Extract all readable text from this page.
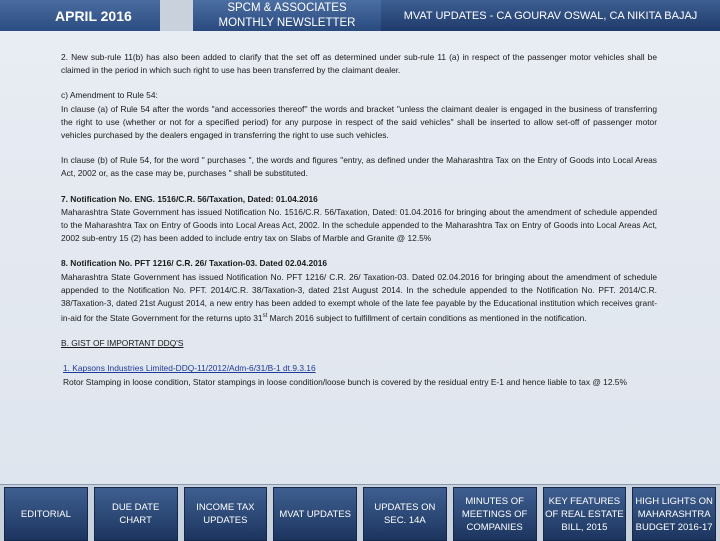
APRIL 2016	SPCM & ASSOCIATES
MONTHLY NEWSLETTER
MVAT UPDATES - CA GOURAV OSWAL, CA NIKITA BAJAJ

2. New sub-rule 11(b) has also been added to clarify that the set off as determined under sub-rule 11 (a) in respect of the passenger motor vehicles shall be claimed in the period in which such right to use has been transferred by the claimant dealer.

c) Amendment to Rule 54:
In clause (a) of Rule 54 after the words "and accessories thereof'' the words and bracket "unless the claimant dealer is engaged in the business of transferring the right to use (whether or not for a specified period) for any purpose in respect of the said vehicles" shall be inserted to allow set-off of passenger motor vehicles purchased by the dealers engaged in transferring the right to use such vehicles.

In clause (b) of Rule 54, for the word " purchases ", the words and figures "entry, as defined under the Maharashtra Tax on the Entry of Goods into Local Areas Act, 2002 or, as the case may be, purchases " shall be substituted.

7. Notification No. ENG. 1516/C.R. 56/Taxation, Dated: 01.04.2016
Maharashtra State Government has issued Notification No. 1516/C.R. 56/Taxation, Dated: 01.04.2016 for bringing about the amendment of schedule appended to the Maharashtra Tax on Entry of Goods into Local Areas Act, 2002. In the schedule appended to the Maharashtra Tax on Entry of Goods into Local Areas Act, 2002 sub-entry 15 (2) has been added to include entry tax on Slabs of Marble and Granite @ 12.5%

8. Notification No. PFT 1216/ C.R. 26/ Taxation-03. Dated 02.04.2016
Maharashtra State Government has issued Notification No. PFT 1216/ C.R. 26/ Taxation-03. Dated 02.04.2016 for bringing about the amendment of schedule appended to the Notification No. PFT. 2014/C.R. 38/Taxation-3, dated 21st August 2014. In the schedule appended to the Notification No. PFT. 2014/C.R. 38/Taxation-3, dated 21st August 2014, a new entry has been added to exempt whole of the late fee payable by the Educational institution which receives grant-in-aid for the State Government for the returns upto 31st March 2016 subject to fulfillment of certain conditions as mentioned in the notification.

B. GIST OF IMPORTANT DDQ'S

1. Kapsons Industries Limited-DDQ-11/2012/Adm-6/31/B-1 dt.9.3.16
Rotor Stamping in loose condition, Stator stampings in loose condition/loose bunch is covered by the residual entry E-1 and hence liable to tax @ 12.5%

EDITORIAL
DUE DATE CHART
INCOME TAX UPDATES
MVAT UPDATES
UPDATES ON SEC. 14A
MINUTES OF MEETINGS OF COMPANIES
KEY FEATURES OF REAL ESTATE BILL, 2015
HIGH LIGHTS ON MAHARASHTRA BUDGET 2016-17
